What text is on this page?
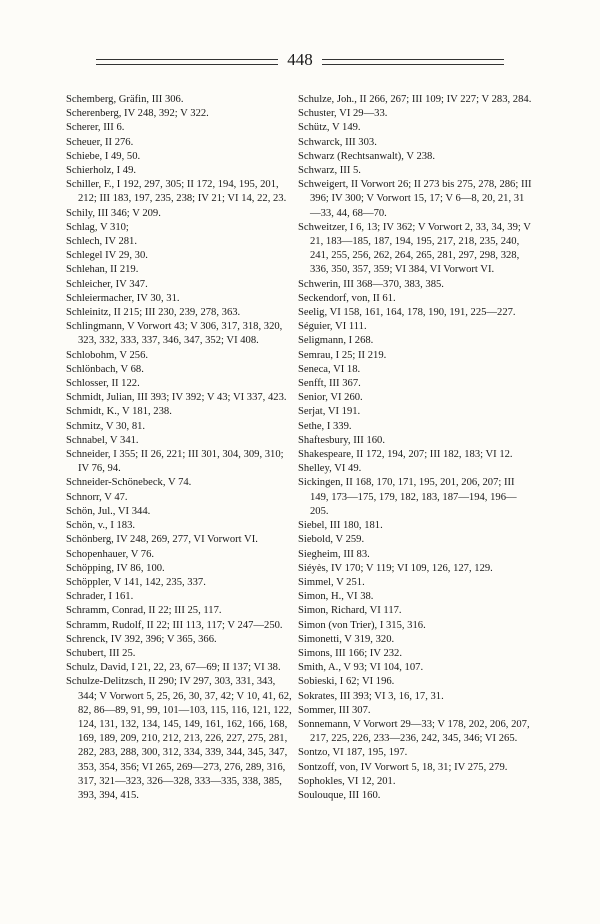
448

Schemberg, Gräfin, III 306.

Scherenberg, IV 248, 392; V 322.

Scherer, III 6.

Scheuer, II 276.

Schiebe, I 49, 50.

Schierholz, I 49.

Schiller, F., I 192, 297, 305; II 172, 194, 195, 201, 212; III 183, 197, 235, 238; IV 21; VI 14, 22, 23.

Schily, III 346; V 209.

Schlag, V 310;

Schlech, IV 281.

Schlegel IV 29, 30.

Schlehan, II 219.

Schleicher, IV 347.

Schleiermacher, IV 30, 31.

Schleinitz, II 215; III 230, 239, 278, 363.

Schlingmann, V Vorwort 43; V 306, 317, 318, 320, 323, 332, 333, 337, 346, 347, 352; VI 408.

Schlobohm, V 256.

Schlönbach, V 68.

Schlosser, II 122.

Schmidt, Julian, III 393; IV 392; V 43; VI 337, 423.

Schmidt, K., V 181, 238.

Schmitz, V 30, 81.

Schnabel, V 341.

Schneider, I 355; II 26, 221; III 301, 304, 309, 310; IV 76, 94.

Schneider-Schönebeck, V 74.

Schnorr, V 47.

Schön, Jul., VI 344.

Schön, v., I 183.

Schönberg, IV 248, 269, 277, VI Vorwort VI.

Schopenhauer, V 76.

Schöpping, IV 86, 100.

Schöppler, V 141, 142, 235, 337.

Schrader, I 161.

Schramm, Conrad, II 22; III 25, 117.

Schramm, Rudolf, II 22; III 113, 117; V 247—250.

Schrenck, IV 392, 396; V 365, 366.

Schubert, III 25.

Schulz, David, I 21, 22, 23, 67—69; II 137; VI 38.

Schulze-Delitzsch, II 290; IV 297, 303, 331, 343, 344; V Vorwort 5, 25, 26, 30, 37, 42; V 10, 41, 62, 82, 86—89, 91, 99, 101—103, 115, 116, 121, 122, 124, 131, 132, 134, 145, 149, 161, 162, 166, 168, 169, 189, 209, 210, 212, 213, 226, 227, 275, 281, 282, 283, 288, 300, 312, 334, 339, 344, 345, 347, 353, 354, 356; VI 265, 269—273, 276, 289, 316, 317, 321—323, 326—328, 333—335, 338, 385, 393, 394, 415.

Schulze, Joh., II 266, 267; III 109; IV 227; V 283, 284.

Schuster, VI 29—33.

Schütz, V 149.

Schwarck, III 303.

Schwarz (Rechtsanwalt), V 238.

Schwarz, III 5.

Schweigert, II Vorwort 26; II 273 bis 275, 278, 286; III 396; IV 300; V Vorwort 15, 17; V 6—8, 20, 21, 31—33, 44, 68—70.

Schweitzer, I 6, 13; IV 362; V Vorwort 2, 33, 34, 39; V 21, 183—185, 187, 194, 195, 217, 218, 235, 240, 241, 255, 256, 262, 264, 265, 281, 297, 298, 328, 336, 350, 357, 359; VI 384, VI Vorwort VI.

Schwerin, III 368—370, 383, 385.

Seckendorf, von, II 61.

Seelig, VI 158, 161, 164, 178, 190, 191, 225—227.

Séguier, VI 111.

Seligmann, I 268.

Semrau, I 25; II 219.

Seneca, VI 18.

Senfft, III 367.

Senior, VI 260.

Serjat, VI 191.

Sethe, I 339.

Shaftesbury, III 160.

Shakespeare, II 172, 194, 207; III 182, 183; VI 12.

Shelley, VI 49.

Sickingen, II 168, 170, 171, 195, 201, 206, 207; III 149, 173—175, 179, 182, 183, 187—194, 196—205.

Siebel, III 180, 181.

Siebold, V 259.

Siegheim, III 83.

Siéyès, IV 170; V 119; VI 109, 126, 127, 129.

Simmel, V 251.

Simon, H., VI 38.

Simon, Richard, VI 117.

Simon (von Trier), I 315, 316.

Simonetti, V 319, 320.

Simons, III 166; IV 232.

Smith, A., V 93; VI 104, 107.

Sobieski, I 62; VI 196.

Sokrates, III 393; VI 3, 16, 17, 31.

Sommer, III 307.

Sonnemann, V Vorwort 29—33; V 178, 202, 206, 207, 217, 225, 226, 233—236, 242, 345, 346; VI 265.

Sontzo, VI 187, 195, 197.

Sontzoff, von, IV Vorwort 5, 18, 31; IV 275, 279.

Sophokles, VI 12, 201.

Soulouque, III 160.
